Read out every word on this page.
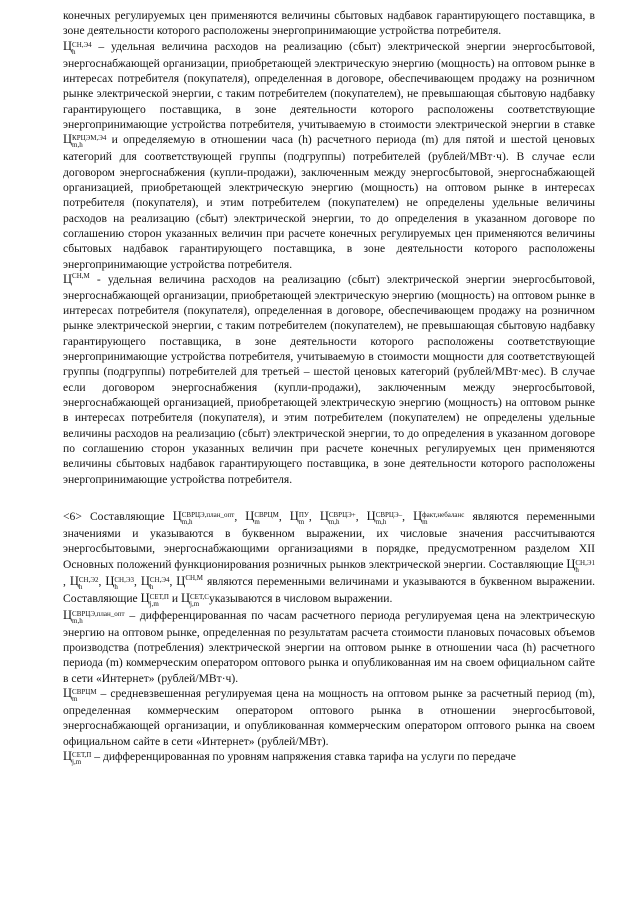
конечных регулируемых цен применяются величины сбытовых надбавок гарантирующего поставщика, в зоне деятельности которого расположены энергопринимающие устройства потребителя.

Ц СН,Э4
h	– удельная величина расходов на реализацию (сбыт) электрической энергии энергосбытовой, энергоснабжающей организации, приобретающей электрическую энергию (мощность) на оптовом рынке в интересах потребителя (покупателя), определенная в договоре, обеспечивающем продажу на розничном рынке электрической энергии, с таким потребителем (покупателем), не превышающая сбытовую надбавку гарантирующего поставщика, в зоне деятельности которого расположены соответствующие энергопринимающие устройства потребителя, учитываемую в стоимости электрической энергии в ставке Ц КРЦЭМ,Э4
m,h	и определяемую в отношении часа (h) расчетного периода (m) для пятой и шестой ценовых категорий для соответствующей группы (подгруппы) потребителей (рублей/МВт·ч). В случае если договором энергоснабжения (купли-продажи), заключенным между энергосбытовой, энергоснабжающей организацией, приобретающей электрическую энергию (мощность) на оптовом рынке в интересах потребителя (покупателя), и этим потребителем (покупателем) не определены удельные величины расходов на реализацию (сбыт) электрической энергии, то до определения в указанном договоре по соглашению сторон указанных величин при расчете конечных регулируемых цен применяются величины сбытовых надбавок гарантирующего поставщика, в зоне деятельности которого расположены энергопринимающие устройства потребителя.

$Ц^{СН,М}$ - удельная величина расходов на реализацию (сбыт) электрической энергии энергосбытовой, энергоснабжающей организации, приобретающей электрическую энергию (мощность) на оптовом рынке в интересах потребителя (покупателя), определенная в договоре, обеспечивающем продажу на розничном рынке электрической энергии, с таким потребителем (покупателем), не превышающая сбытовую надбавку гарантирующего поставщика, в зоне деятельности которого расположены соответствующие энергопринимающие устройства потребителя, учитываемую в стоимости мощности для соответствующей группы (подгруппы) потребителей для третьей – шестой ценовых категорий (рублей/МВт·мес). В случае если договором энергоснабжения (купли-продажи), заключенным между энергосбытовой, энергоснабжающей организацией, приобретающей электрическую энергию (мощность) на оптовом рынке в интересах потребителя (покупателя), и этим потребителем (покупателем) не определены удельные величины расходов на реализацию (сбыт) электрической энергии, то до определения в указанном договоре по соглашению сторон указанных величин при расчете конечных регулируемых цен применяются величины сбытовых надбавок гарантирующего поставщика, в зоне деятельности которого расположены энергопринимающие устройства потребителя.

<6> Составляющие Ц СВРЦЭ,план_опт
m,h	, Ц СВРЦМ
m	, Ц ПУ
m , Ц СВРЦЭ+
m,h	, Ц СВРЦЭ–
m,h	, Ц факт,небаланс
m	являются переменными значениями и указываются в буквенном выражении, их числовые значения рассчитываются энергосбытовыми, энергоснабжающими организациями в порядке, предусмотренном разделом XII Основных положений функционирования розничных рынков электрической энергии. Составляющие Ц СН,Э1
h
, Ц СН,Э2
h	, Ц СН,Э3
h	, Ц СН,Э4
h	, $Ц^{СН,М}$ являются переменными величинами и указываются в буквенном выражении. Составляющие Ц СЕТ,П
j,m и Ц СЕТ,С
j,m указываются в числовом выражении.

Ц СВРЦЭ,план_опт
m,h	– дифференцированная по часам расчетного периода регулируемая цена на электрическую энергию на оптовом рынке, определенная по результатам расчета стоимости плановых почасовых объемов производства (потребления) электрической энергии на оптовом рынке в отношении часа (h) расчетного периода (m) коммерческим оператором оптового рынка и опубликованная им на своем официальном сайте в сети «Интернет» (рублей/МВт·ч).

Ц СВРЦМ
m	– средневзвешенная регулируемая цена на мощность на оптовом рынке за расчетный период (m), определенная коммерческим оператором оптового рынка в отношении энергосбытовой, энергоснабжающей организации, и опубликованная коммерческим оператором оптового рынка на своем официальном сайте в сети «Интернет» (рублей/МВт).

Ц СЕТ,П
j,m – дифференцированная по уровням напряжения ставка тарифа на услуги по передаче
